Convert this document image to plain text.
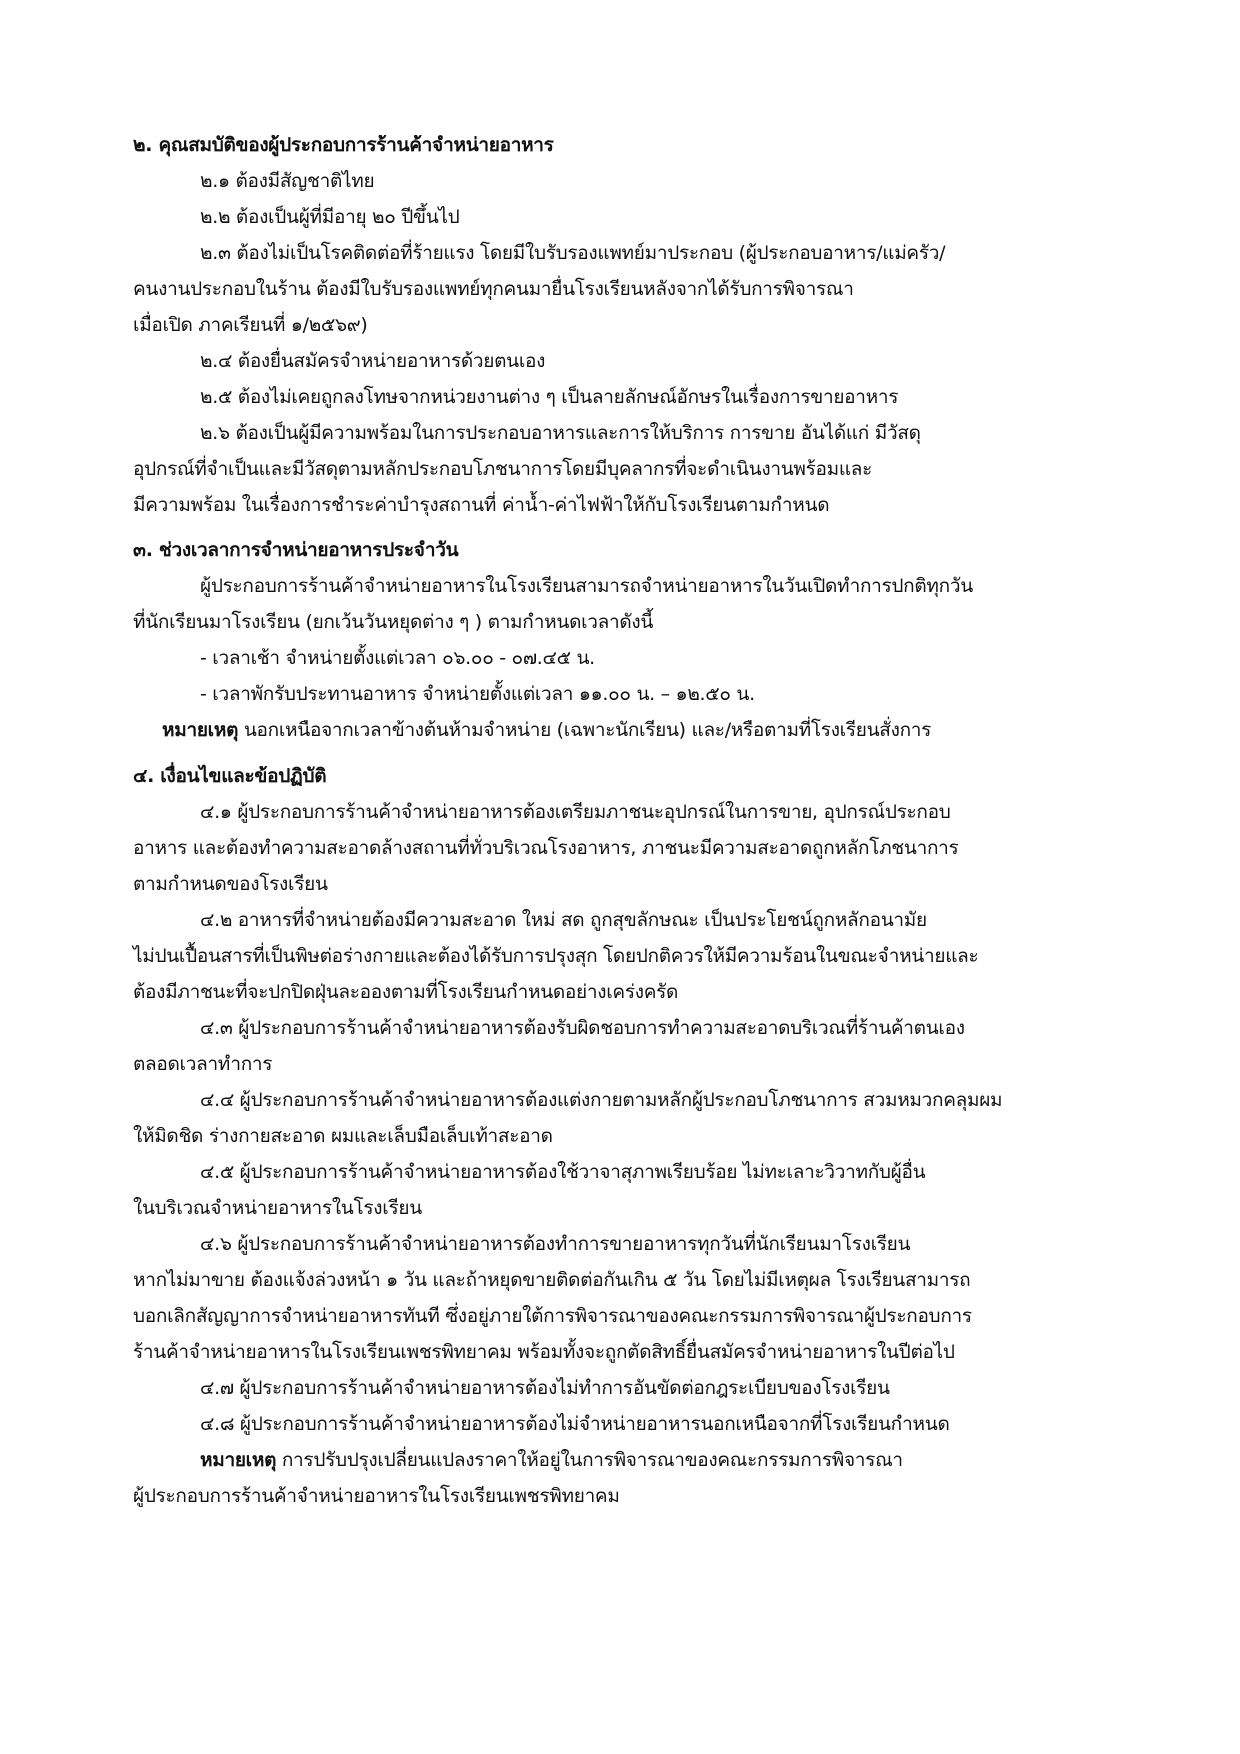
๒. คุณสมบัติของผู้ประกอบการร้านค้าจำหน่ายอาหาร
๒.๑ ต้องมีสัญชาติไทย
๒.๒ ต้องเป็นผู้ที่มีอายุ ๒๐ ปีขึ้นไป
๒.๓ ต้องไม่เป็นโรคติดต่อที่ร้ายแรง โดยมีใบรับรองแพทย์มาประกอบ (ผู้ประกอบอาหาร/แม่ครัว/
คนงานประกอบในร้าน ต้องมีใบรับรองแพทย์ทุกคนมายื่นโรงเรียนหลังจากได้รับการพิจารณา
เมื่อเปิด ภาคเรียนที่ ๑/๒๕๖๙)
๒.๔ ต้องยื่นสมัครจำหน่ายอาหารด้วยตนเอง
๒.๕ ต้องไม่เคยถูกลงโทษจากหน่วยงานต่าง ๆ เป็นลายลักษณ์อักษรในเรื่องการขายอาหาร
๒.๖ ต้องเป็นผู้มีความพร้อมในการประกอบอาหารและการให้บริการ การขาย อันได้แก่ มีวัสดุ
อุปกรณ์ที่จำเป็นและมีวัสดุตามหลักประกอบโภชนาการโดยมีบุคลากรที่จะดำเนินงานพร้อมและ
มีความพร้อม ในเรื่องการชำระค่าบำรุงสถานที่ ค่าน้ำ-ค่าไฟฟ้าให้กับโรงเรียนตามกำหนด
๓. ช่วงเวลาการจำหน่ายอาหารประจำวัน
ผู้ประกอบการร้านค้าจำหน่ายอาหารในโรงเรียนสามารถจำหน่ายอาหารในวันเปิดทำการปกติทุกวัน
ที่นักเรียนมาโรงเรียน (ยกเว้นวันหยุดต่าง ๆ ) ตามกำหนดเวลาดังนี้
- เวลาเช้า จำหน่ายตั้งแต่เวลา ๐๖.๐๐ - ๐๗.๔๕ น.
- เวลาพักรับประทานอาหาร จำหน่ายตั้งแต่เวลา ๑๑.๐๐ น. – ๑๒.๕๐ น.
หมายเหตุ นอกเหนือจากเวลาข้างต้นห้ามจำหน่าย (เฉพาะนักเรียน) และ/หรือตามที่โรงเรียนสั่งการ
๔. เงื่อนไขและข้อปฏิบัติ
๔.๑ ผู้ประกอบการร้านค้าจำหน่ายอาหารต้องเตรียมภาชนะอุปกรณ์ในการขาย, อุปกรณ์ประกอบ
อาหาร และต้องทำความสะอาดล้างสถานที่ทั่วบริเวณโรงอาหาร, ภาชนะมีความสะอาดถูกหลักโภชนาการ
ตามกำหนดของโรงเรียน
๔.๒ อาหารที่จำหน่ายต้องมีความสะอาด ใหม่ สด ถูกสุขลักษณะ เป็นประโยชน์ถูกหลักอนามัย
ไม่ปนเปื้อนสารที่เป็นพิษต่อร่างกายและต้องได้รับการปรุงสุก โดยปกติควรให้มีความร้อนในขณะจำหน่ายและ
ต้องมีภาชนะที่จะปกปิดฝุ่นละอองตามที่โรงเรียนกำหนดอย่างเคร่งครัด
๔.๓ ผู้ประกอบการร้านค้าจำหน่ายอาหารต้องรับผิดชอบการทำความสะอาดบริเวณที่ร้านค้าตนเอง
ตลอดเวลาทำการ
๔.๔ ผู้ประกอบการร้านค้าจำหน่ายอาหารต้องแต่งกายตามหลักผู้ประกอบโภชนาการ สวมหมวกคลุมผม
ให้มิดชิด ร่างกายสะอาด ผมและเล็บมือเล็บเท้าสะอาด
๔.๕ ผู้ประกอบการร้านค้าจำหน่ายอาหารต้องใช้วาจาสุภาพเรียบร้อย ไม่ทะเลาะวิวาทกับผู้อื่น
ในบริเวณจำหน่ายอาหารในโรงเรียน
๔.๖ ผู้ประกอบการร้านค้าจำหน่ายอาหารต้องทำการขายอาหารทุกวันที่นักเรียนมาโรงเรียน
หากไม่มาขาย ต้องแจ้งล่วงหน้า ๑ วัน และถ้าหยุดขายติดต่อกันเกิน ๕ วัน โดยไม่มีเหตุผล โรงเรียนสามารถ
บอกเลิกสัญญาการจำหน่ายอาหารทันที ซึ่งอยู่ภายใต้การพิจารณาของคณะกรรมการพิจารณาผู้ประกอบการ
ร้านค้าจำหน่ายอาหารในโรงเรียนเพชรพิทยาคม พร้อมทั้งจะถูกตัดสิทธิ์ยื่นสมัครจำหน่ายอาหารในปีต่อไป
๔.๗ ผู้ประกอบการร้านค้าจำหน่ายอาหารต้องไม่ทำการอันขัดต่อกฎระเบียบของโรงเรียน
๔.๘ ผู้ประกอบการร้านค้าจำหน่ายอาหารต้องไม่จำหน่ายอาหารนอกเหนือจากที่โรงเรียนกำหนด
หมายเหตุ การปรับปรุงเปลี่ยนแปลงราคาให้อยู่ในการพิจารณาของคณะกรรมการพิจารณา
ผู้ประกอบการร้านค้าจำหน่ายอาหารในโรงเรียนเพชรพิทยาคม
